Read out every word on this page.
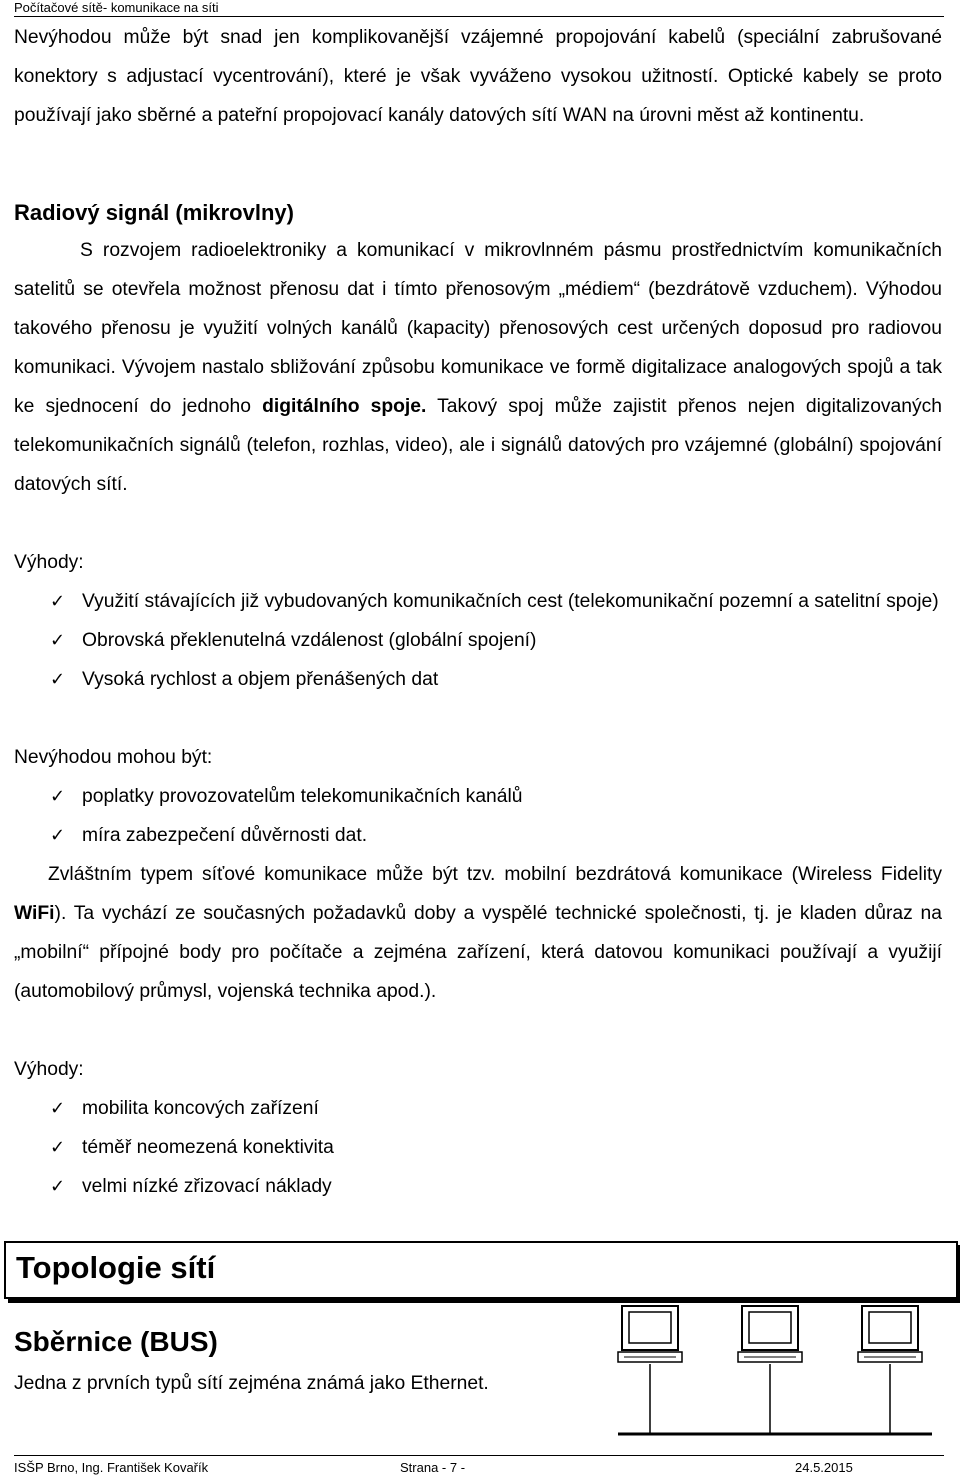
Počítačové sítě- komunikace na síti

Nevýhodou může být snad jen komplikovanější vzájemné propojování kabelů (speciální zabrušované konektory s adjustací vycentrování), které je však vyváženo vysokou užitností. Optické kabely se proto používají jako sběrné a pateřní propojovací kanály datových sítí WAN na úrovni měst až kontinentu.

Radiový signál (mikrovlny)

S rozvojem radioelektroniky a komunikací v mikrovlnném pásmu prostřednictvím komunikačních satelitů se otevřela možnost přenosu dat i tímto přenosovým „médiem“ (bezdrátově vzduchem). Výhodou takového přenosu je využití volných kanálů (kapacity) přenosových cest určených doposud pro radiovou komunikaci. Vývojem nastalo sbližování způsobu komunikace ve formě digitalizace analogových spojů a tak ke sjednocení do jednoho digitálního spoje. Takový spoj může zajistit přenos nejen digitalizovaných telekomunikačních signálů (telefon, rozhlas, video), ale i signálů datových pro vzájemné (globální) spojování datových sítí.

Výhody:

✓ Využití stávajících již vybudovaných komunikačních cest (telekomunikační pozemní a satelitní spoje)
✓ Obrovská překlenutelná vzdálenost (globální spojení)
✓ Vysoká rychlost a objem přenášených dat

Nevýhodou mohou být:

✓ poplatky provozovatelům telekomunikačních kanálů
✓ míra zabezpečení důvěrnosti dat.

Zvláštním typem síťové komunikace může být tzv. mobilní bezdrátová komunikace (Wireless Fidelity WiFi). Ta vychází ze současných požadavků doby a vyspělé technické společnosti, tj. je kladen důraz na „mobilní“ přípojné body pro počítače a zejména zařízení, která datovou komunikaci používají a využijí (automobilový průmysl, vojenská technika apod.).

Výhody:

✓ mobilita koncových zařízení
✓ téměř neomezená konektivita
✓ velmi nízké zřizovací náklady
Topologie sítí
Sběrnice (BUS)

Jedna z prvních typů sítí zejména známá jako Ethernet.

ISŠP Brno, Ing. František Kovařík	Strana - 7 -	24.5.2015
